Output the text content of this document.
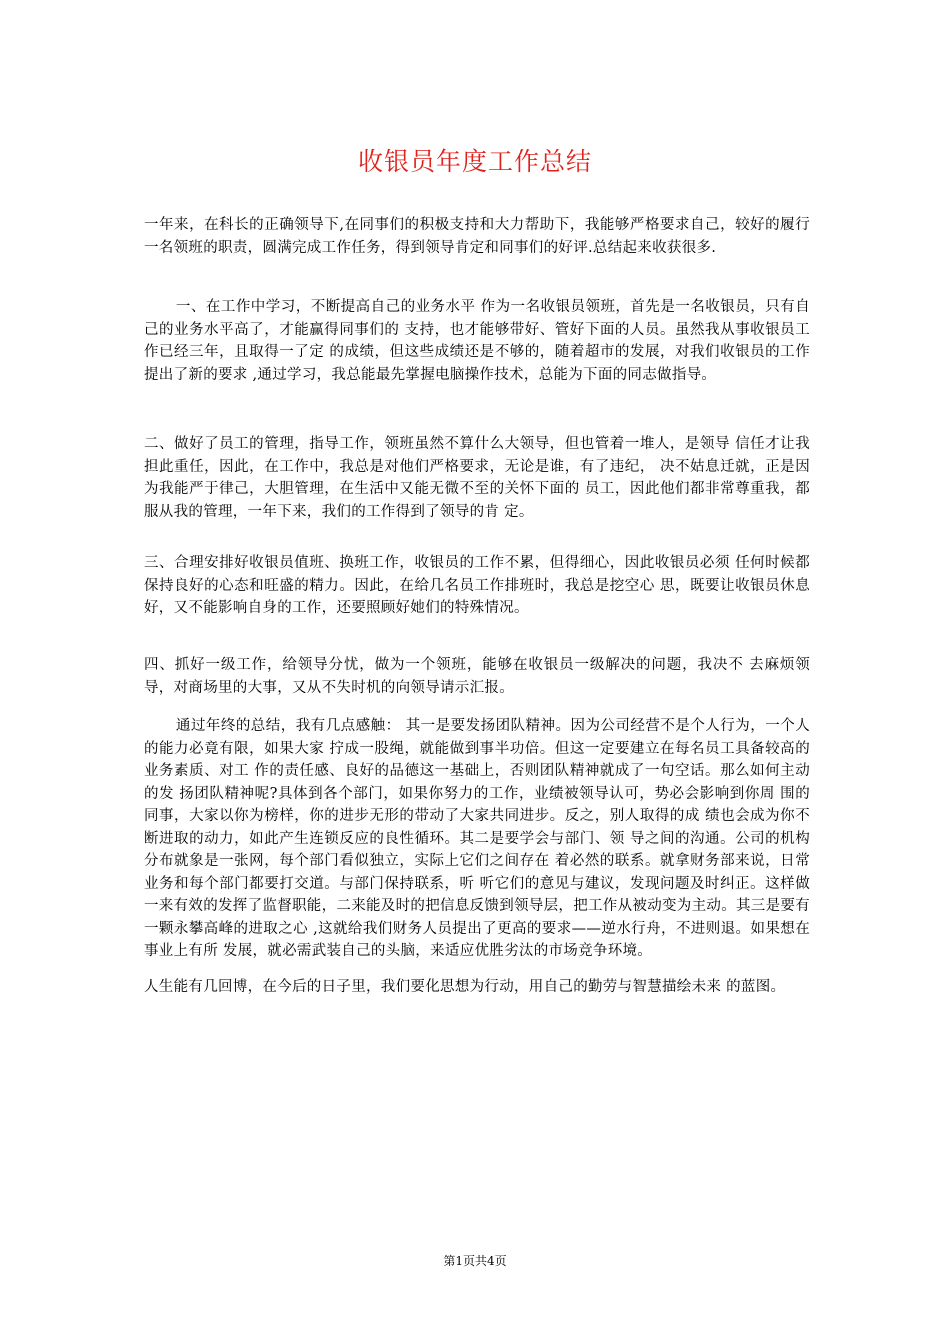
收银员年度工作总结

一年来，在科长的正确领导下,在同事们的积极支持和大力帮助下，我能够严格要求自己，较好的履行一名领班的职责，圆满完成工作任务，得到领导肯定和同事们的好评.总结起来收获很多.

一、在工作中学习，不断提高自己的业务水平 作为一名收银员领班，首先是一名收银员，只有自己的业务水平高了，才能赢得同事们的 支持，也才能够带好、管好下面的人员。虽然我从事收银员工作已经三年，且取得一了定 的成绩，但这些成绩还是不够的，随着超市的发展，对我们收银员的工作提出了新的要求 ,通过学习，我总能最先掌握电脑操作技术，总能为下面的同志做指导。

二、做好了员工的管理，指导工作，领班虽然不算什么大领导，但也管着一堆人，是领导 信任才让我担此重任，因此，在工作中，我总是对他们严格要求，无论是谁，有了违纪， 决不姑息迁就，正是因为我能严于律己，大胆管理，在生活中又能无微不至的关怀下面的 员工，因此他们都非常尊重我，都服从我的管理，一年下来，我们的工作得到了领导的肯 定。

三、合理安排好收银员值班、换班工作，收银员的工作不累，但得细心，因此收银员必须 任何时候都保持良好的心态和旺盛的精力。因此，在给几名员工作排班时，我总是挖空心 思，既要让收银员休息好，又不能影响自身的工作，还要照顾好她们的特殊情况。

四、抓好一级工作，给领导分忧，做为一个领班，能够在收银员一级解决的问题，我决不 去麻烦领导，对商场里的大事，又从不失时机的向领导请示汇报。

通过年终的总结，我有几点感触： 其一是要发扬团队精神。因为公司经营不是个人行为，一个人的能力必竟有限，如果大家 拧成一股绳，就能做到事半功倍。但这一定要建立在每名员工具备较高的业务素质、对工 作的责任感、良好的品德这一基础上，否则团队精神就成了一句空话。那么如何主动的发 扬团队精神呢?具体到各个部门，如果你努力的工作，业绩被领导认可，势必会影响到你周 围的同事，大家以你为榜样，你的进步无形的带动了大家共同进步。反之，别人取得的成 绩也会成为你不断进取的动力，如此产生连锁反应的良性循环。其二是要学会与部门、领 导之间的沟通。公司的机构分布就象是一张网，每个部门看似独立，实际上它们之间存在 着必然的联系。就拿财务部来说，日常业务和每个部门都要打交道。与部门保持联系，听 听它们的意见与建议，发现问题及时纠正。这样做一来有效的发挥了监督职能，二来能及时的把信息反馈到领导层，把工作从被动变为主动。其三是要有一颗永攀高峰的进取之心 ,这就给我们财务人员提出了更高的要求——逆水行舟，不进则退。如果想在事业上有所 发展，就必需武装自己的头脑，来适应优胜劣汰的市场竞争环境。

人生能有几回博，在今后的日子里，我们要化思想为行动，用自己的勤劳与智慧描绘未来 的蓝图。

第1页共4页
